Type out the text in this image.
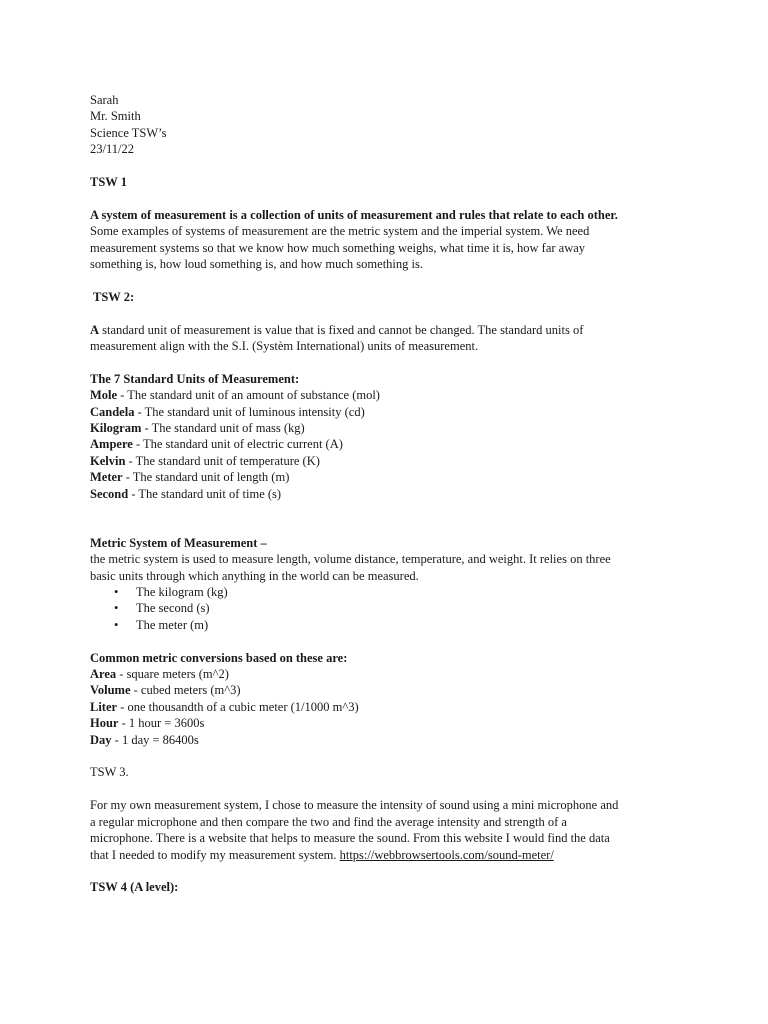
Sarah
Mr. Smith
Science TSW’s
23/11/22
TSW 1
A system of measurement is a collection of units of measurement and rules that relate to each other.
Some examples of systems of measurement are the metric system and the imperial system. We need
measurement systems so that we know how much something weighs, what time it is, how far away
something is, how loud something is, and how much something is.
TSW 2:
A standard unit of measurement is value that is fixed and cannot be changed. The standard units of
measurement align with the S.I. (Systèm International) units of measurement.
The 7 Standard Units of Measurement:
Mole - The standard unit of an amount of substance (mol)
Candela - The standard unit of luminous intensity (cd)
Kilogram - The standard unit of mass (kg)
Ampere - The standard unit of electric current (A)
Kelvin - The standard unit of temperature (K)
Meter - The standard unit of length (m)
Second - The standard unit of time (s)
Metric System of Measurement –
the metric system is used to measure length, volume distance, temperature, and weight. It relies on three
basic units through which anything in the world can be measured.
• The kilogram (kg)
• The second (s)
• The meter (m)
Common metric conversions based on these are:
Area - square meters (m^2)
Volume - cubed meters (m^3)
Liter - one thousandth of a cubic meter (1/1000 m^3)
Hour - 1 hour = 3600s
Day - 1 day = 86400s
TSW 3.
For my own measurement system, I chose to measure the intensity of sound using a mini microphone and
a regular microphone and then compare the two and find the average intensity and strength of a
microphone. There is a website that helps to measure the sound. From this website I would find the data
that I needed to modify my measurement system. https://webbrowsertools.com/sound-meter/
TSW 4 (A level):
